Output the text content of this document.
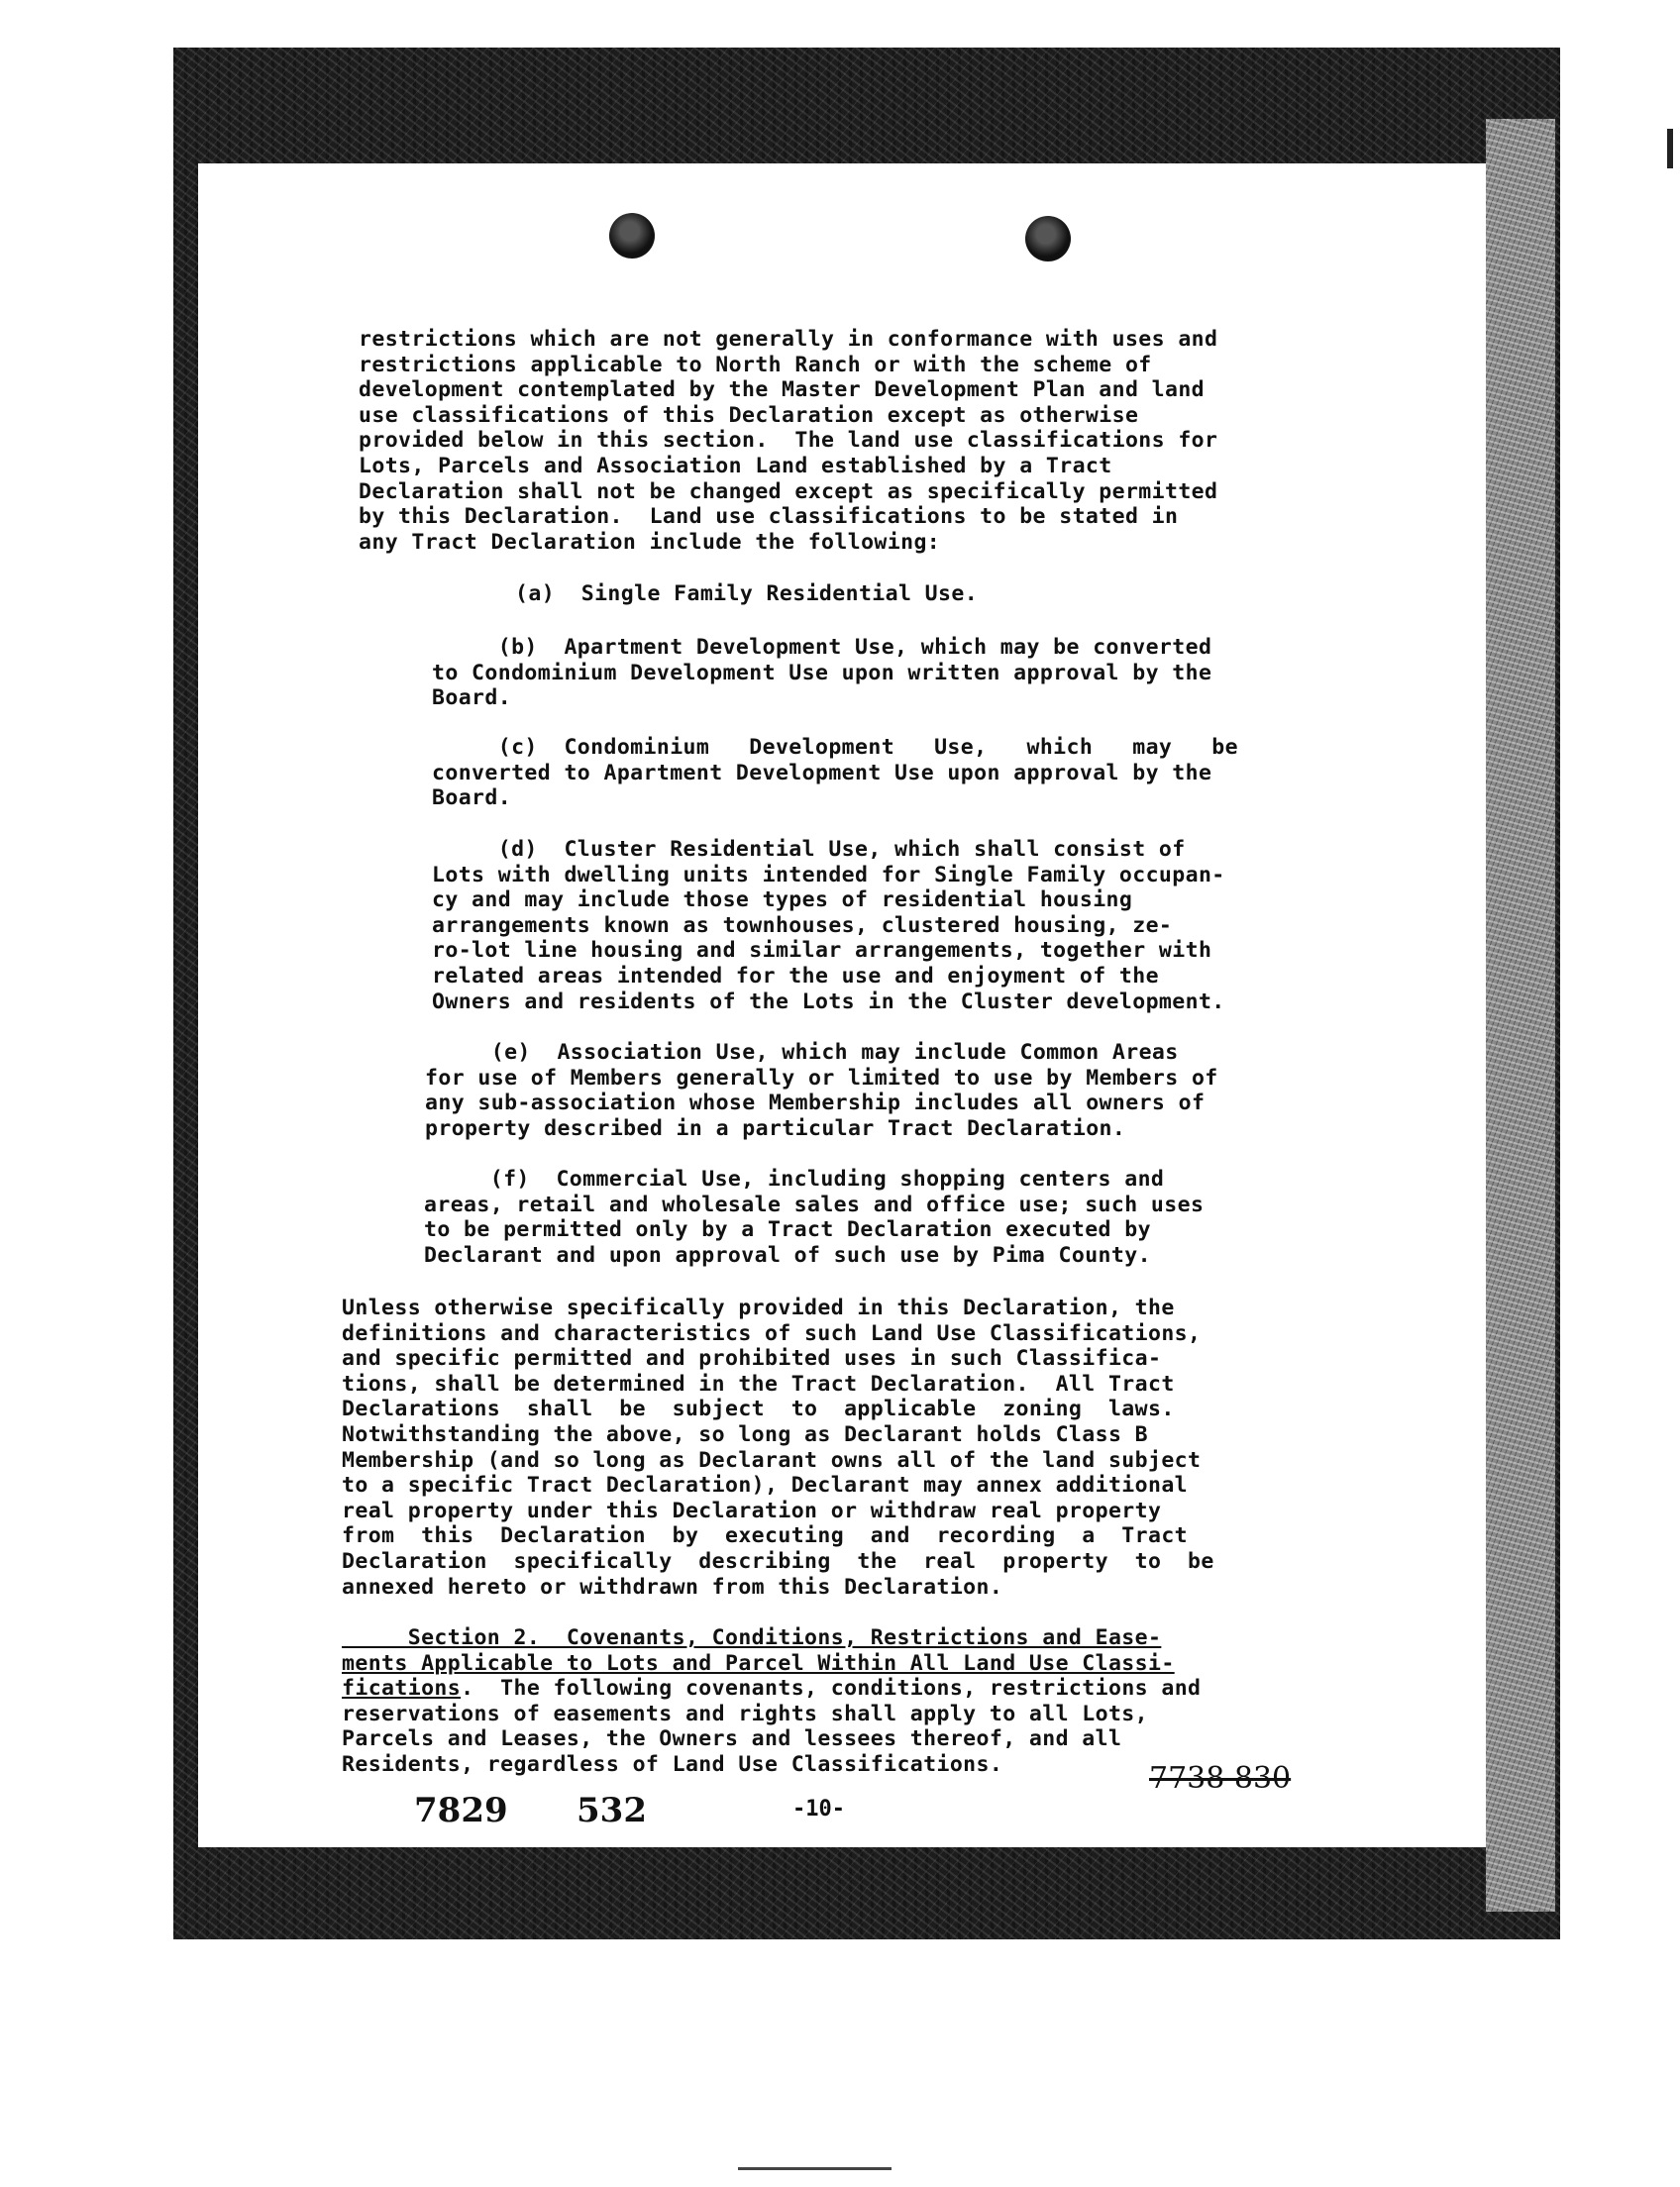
restrictions which are not generally in conformance with uses and
restrictions applicable to North Ranch or with the scheme of
development contemplated by the Master Development Plan and land
use classifications of this Declaration except as otherwise
provided below in this section.  The land use classifications for
Lots, Parcels and Association Land established by a Tract
Declaration shall not be changed except as specifically permitted
by this Declaration.  Land use classifications to be stated in
any Tract Declaration include the following:
(a)  Single Family Residential Use.
(b)  Apartment Development Use, which may be converted
to Condominium Development Use upon written approval by the
Board.
(c)  Condominium   Development   Use,   which   may   be
converted to Apartment Development Use upon approval by the
Board.
(d)  Cluster Residential Use, which shall consist of
Lots with dwelling units intended for Single Family occupan-
cy and may include those types of residential housing
arrangements known as townhouses, clustered housing, ze-
ro-lot line housing and similar arrangements, together with
related areas intended for the use and enjoyment of the
Owners and residents of the Lots in the Cluster development.
(e)  Association Use, which may include Common Areas
for use of Members generally or limited to use by Members of
any sub-association whose Membership includes all owners of
property described in a particular Tract Declaration.
(f)  Commercial Use, including shopping centers and
areas, retail and wholesale sales and office use; such uses
to be permitted only by a Tract Declaration executed by
Declarant and upon approval of such use by Pima County.
Unless otherwise specifically provided in this Declaration, the
definitions and characteristics of such Land Use Classifications,
and specific permitted and prohibited uses in such Classifica-
tions, shall be determined in the Tract Declaration.  All Tract
Declarations  shall  be  subject  to  applicable  zoning  laws.
Notwithstanding the above, so long as Declarant holds Class B
Membership (and so long as Declarant owns all of the land subject
to a specific Tract Declaration), Declarant may annex additional
real property under this Declaration or withdraw real property
from  this  Declaration  by  executing  and  recording  a  Tract
Declaration  specifically  describing  the  real  property  to  be
annexed hereto or withdrawn from this Declaration.
Section 2.  Covenants, Conditions, Restrictions and Ease-
ments Applicable to Lots and Parcel Within All Land Use Classi-
fications.  The following covenants, conditions, restrictions and
reservations of easements and rights shall apply to all Lots,
Parcels and Leases, the Owners and lessees thereof, and all
Residents, regardless of Land Use Classifications.
7829 532	-10-
7738 830
